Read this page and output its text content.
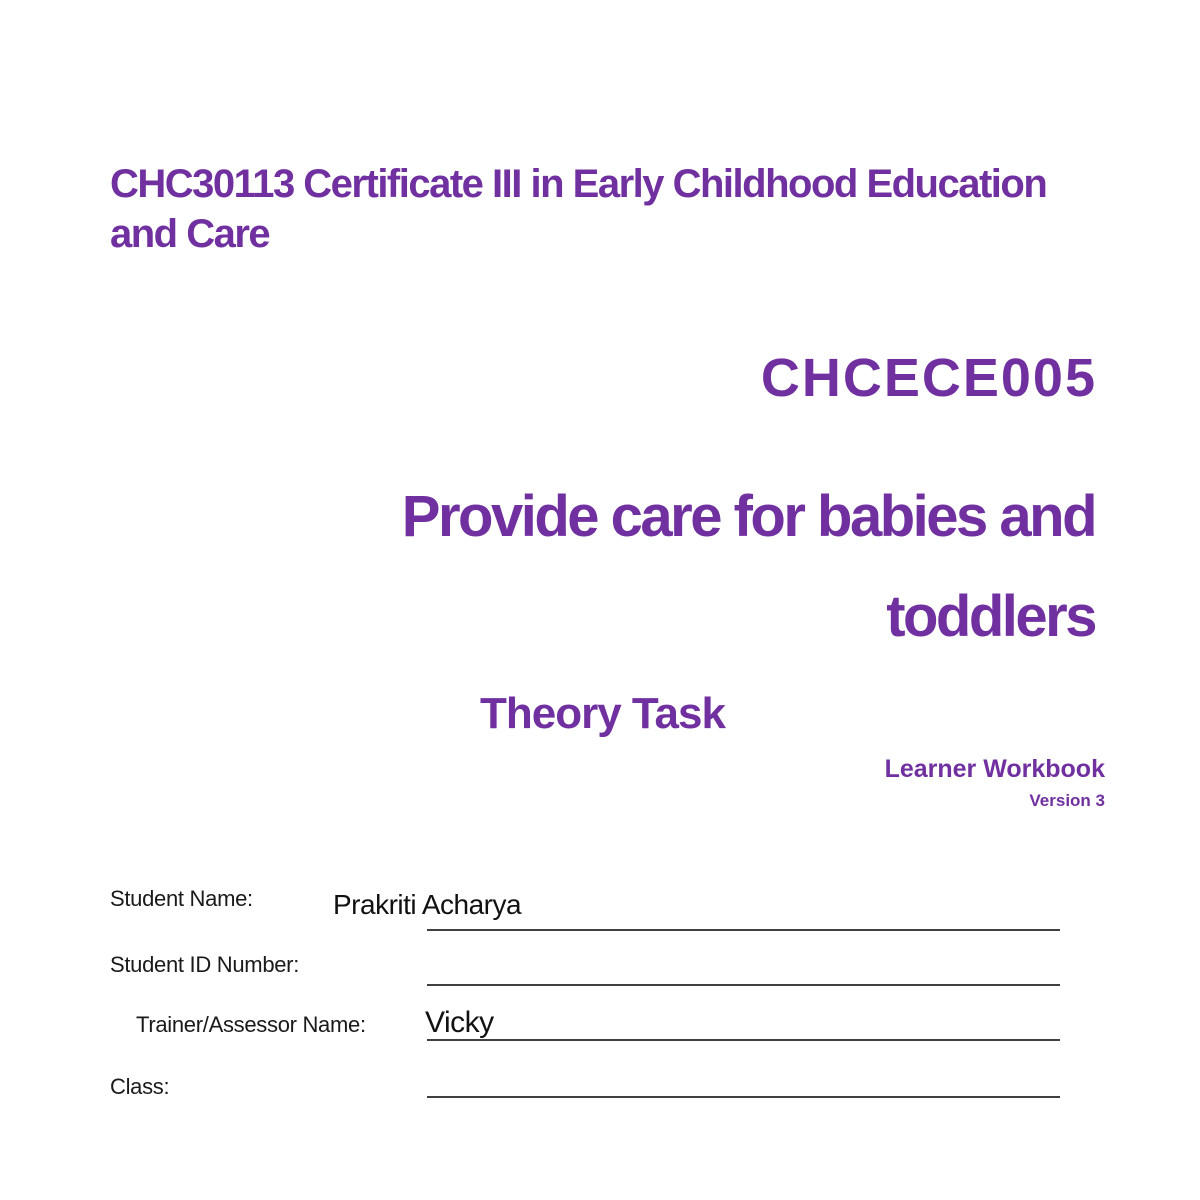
CHC30113 Certificate III in Early Childhood Education and Care
CHCECE005
Provide care for babies and toddlers
Theory Task
Learner Workbook
Version 3
Student Name:	Prakriti Acharya
Student ID Number:
Trainer/Assessor Name: Vicky
Class:
